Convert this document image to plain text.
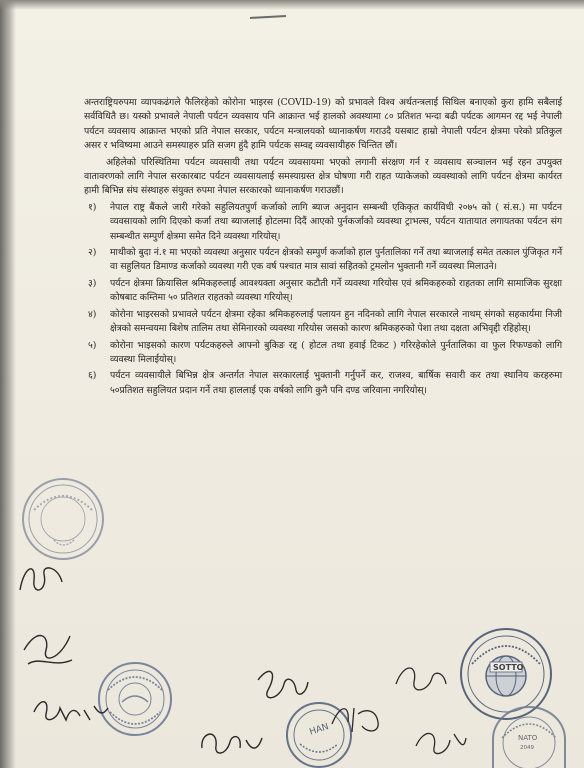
अन्तराष्ट्रियरुपमा व्यापकढंगले फैलिरहेको कोरोना भाइरस (COVID-19) को प्रभावले विश्व अर्थतन्त्रलाई सिथिल बनाएको कुरा हामि सबैलाई सर्वविधितै छ। यस्को प्रभावले नेपाली पर्यटन व्यवसाय पनि आक्रान्त भई हालको अवस्थामा ८० प्रतिशत भन्दा बढी पर्यटक आगमन रद्द भई नेपाली पर्यटन व्यवसाय आक्रान्त भएको प्रति नेपाल सरकार, पर्यटन मन्त्रालयको ध्यानाकर्षण गराउदै यसबाट हाम्रो नेपाली पर्यटन क्षेत्रमा परेको प्रतिकुल असर र भविष्यमा आउने समस्याहरु प्रति सजग हुंदै हामि पर्यटक सम्वद्द व्यवसायीहरु चिन्तित छौं।

अहिलेको परिस्थितिमा पर्यटन व्यवसायी तथा पर्यटन व्यवसायमा भएको लगानी संरक्षण गर्न र व्यवसाय सञ्चालन भई रहन उपयुक्त वातावरणको लागि नेपाल सरकारबाट पर्यटन व्यवसायलाई समस्याग्रस्त क्षेत्र घोषणा गरी राहत प्याकेजको व्यवस्थाको लागि पर्यटन क्षेत्रमा कार्यरत हामी बिभिन्न संघ संस्थाहरु संयुक्त रुपमा नेपाल सरकारको ध्यानाकर्षण गराउछौं।

१)	नेपाल राष्ट्र बैंकले जारी गरेको सहुलियतपुर्ण कर्जाको लागि ब्याज अनुदान सम्बन्धी एकिकृत कार्यविधी २०७५ को ( सं.स.) मा पर्यटन व्यवसायको लागि दिएको कर्जा तथा ब्याजलाई होटलमा दिदैं आएको पुर्नकर्जाको व्यवस्था ट्राभल्स, पर्यटन यातायात लगायतका पर्यटन संग सम्बन्धीत सम्पुर्ण क्षेत्रमा समेत दिने व्यवस्था गरियोस्।
२)	माथीको बुदा नं.१ मा भएको व्यवस्था अनुसार पर्यटन क्षेत्रको सम्पुर्ण कर्जाको हाल पुर्नतालिका गर्ने तथा ब्याजलाई समेत तत्काल पुंजिकृत गर्ने वा सहुलियत डिमाण्ड कर्जाको व्यवस्था गरी एक वर्ष पश्चात मात्र सावां सहितको ट्रमलोन भुक्तानी गर्ने व्यवस्था मिलाउने।
३)	पर्यटन क्षेत्रमा क्रियासिल श्रमिकहरुलाई आवश्यक्ता अनुसार कटौती गर्ने व्यवस्था गरियोस एवं श्रमिकहरुको राहतका लागि सामाजिक सुरक्षा कोषबाट कम्तिमा ५० प्रतिशत राहतको व्यवस्था गरियोस्।
४)	कोरोना भाइरसको प्रभावले पर्यटन क्षेत्रमा रहेका श्रमिकहरुलाई पलायन हुन नदिनको लागि नेपाल सरकारले नाथम् संगको सहकार्यमा निजी क्षेत्रको समन्वयमा बिशेष तालिम तथा सेमिनारको व्यवस्था गरियोस जसको कारण श्रमिकहरुको पेशा तथा दक्षता अभिवृद्दी रहिहोस्।
५)	कोरोना भाइसको कारण पर्यटकहरुले आफ्नो बुकिङ रद्द ( होटल तथा हवाई टिकट ) गरिरहेकोले पुर्नतालिका वा फुल रिफण्डको लागि व्यवस्था मिलाईयोस्।
६)	पर्यटन व्यवसायीले बिभिन्न क्षेत्र अन्तर्गत नेपाल सरकारलाई भुक्तानी गर्नुपर्ने कर, राजश्व, बार्षिक सवारी कर तथा स्थानिय करहरुमा ५०प्रतिशत सहुलियत प्रदान गर्ने तथा हाललाई एक वर्षको लागि कुनै पनि दण्ड जरिवाना नगरियोस्।
HAN
SOTTO
NATO
2049
